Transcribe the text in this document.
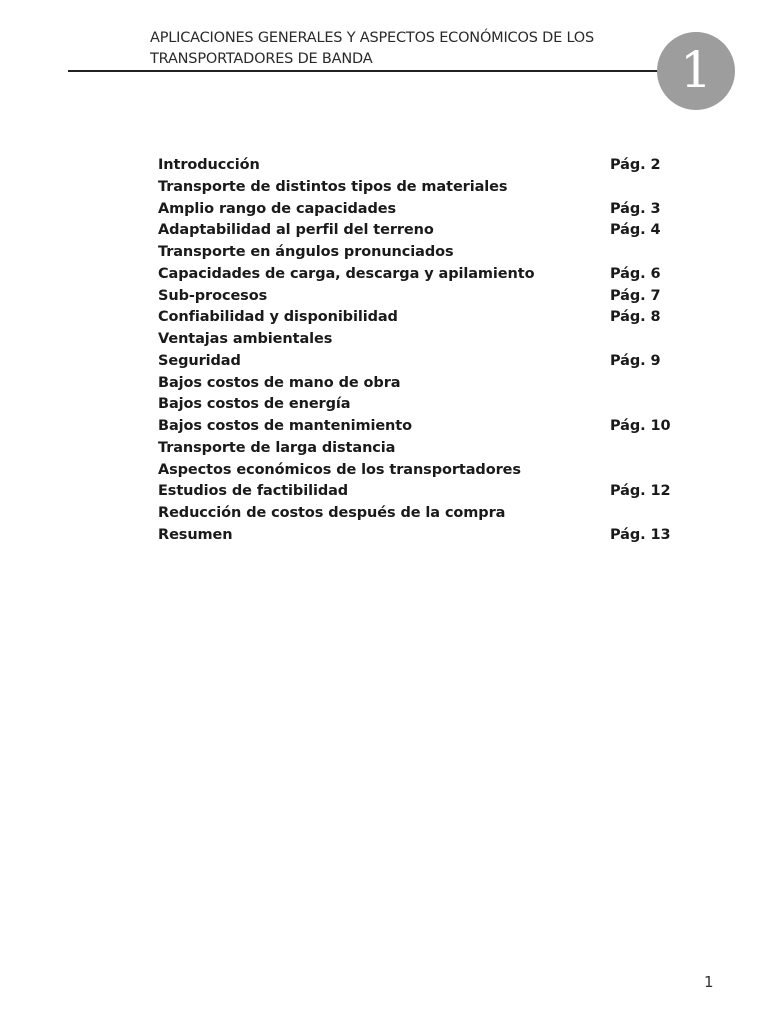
APLICACIONES GENERALES Y ASPECTOS ECONÓMICOS DE LOS
TRANSPORTADORES DE BANDA	1
Introducción	Pág. 2
Transporte de distintos tipos de materiales
Amplio rango de capacidades	Pág. 3
Adaptabilidad al perfil del terreno	Pág. 4
Transporte en ángulos pronunciados
Capacidades de carga, descarga y apilamiento	Pág. 6
Sub-procesos	Pág. 7
Confiabilidad y disponibilidad	Pág. 8
Ventajas ambientales
Seguridad	Pág. 9
Bajos costos de mano de obra
Bajos costos de energía
Bajos costos de mantenimiento	Pág. 10
Transporte de larga distancia
Aspectos económicos de los transportadores
Estudios de factibilidad	Pág. 12
Reducción de costos después de la compra
Resumen	Pág. 13
1
